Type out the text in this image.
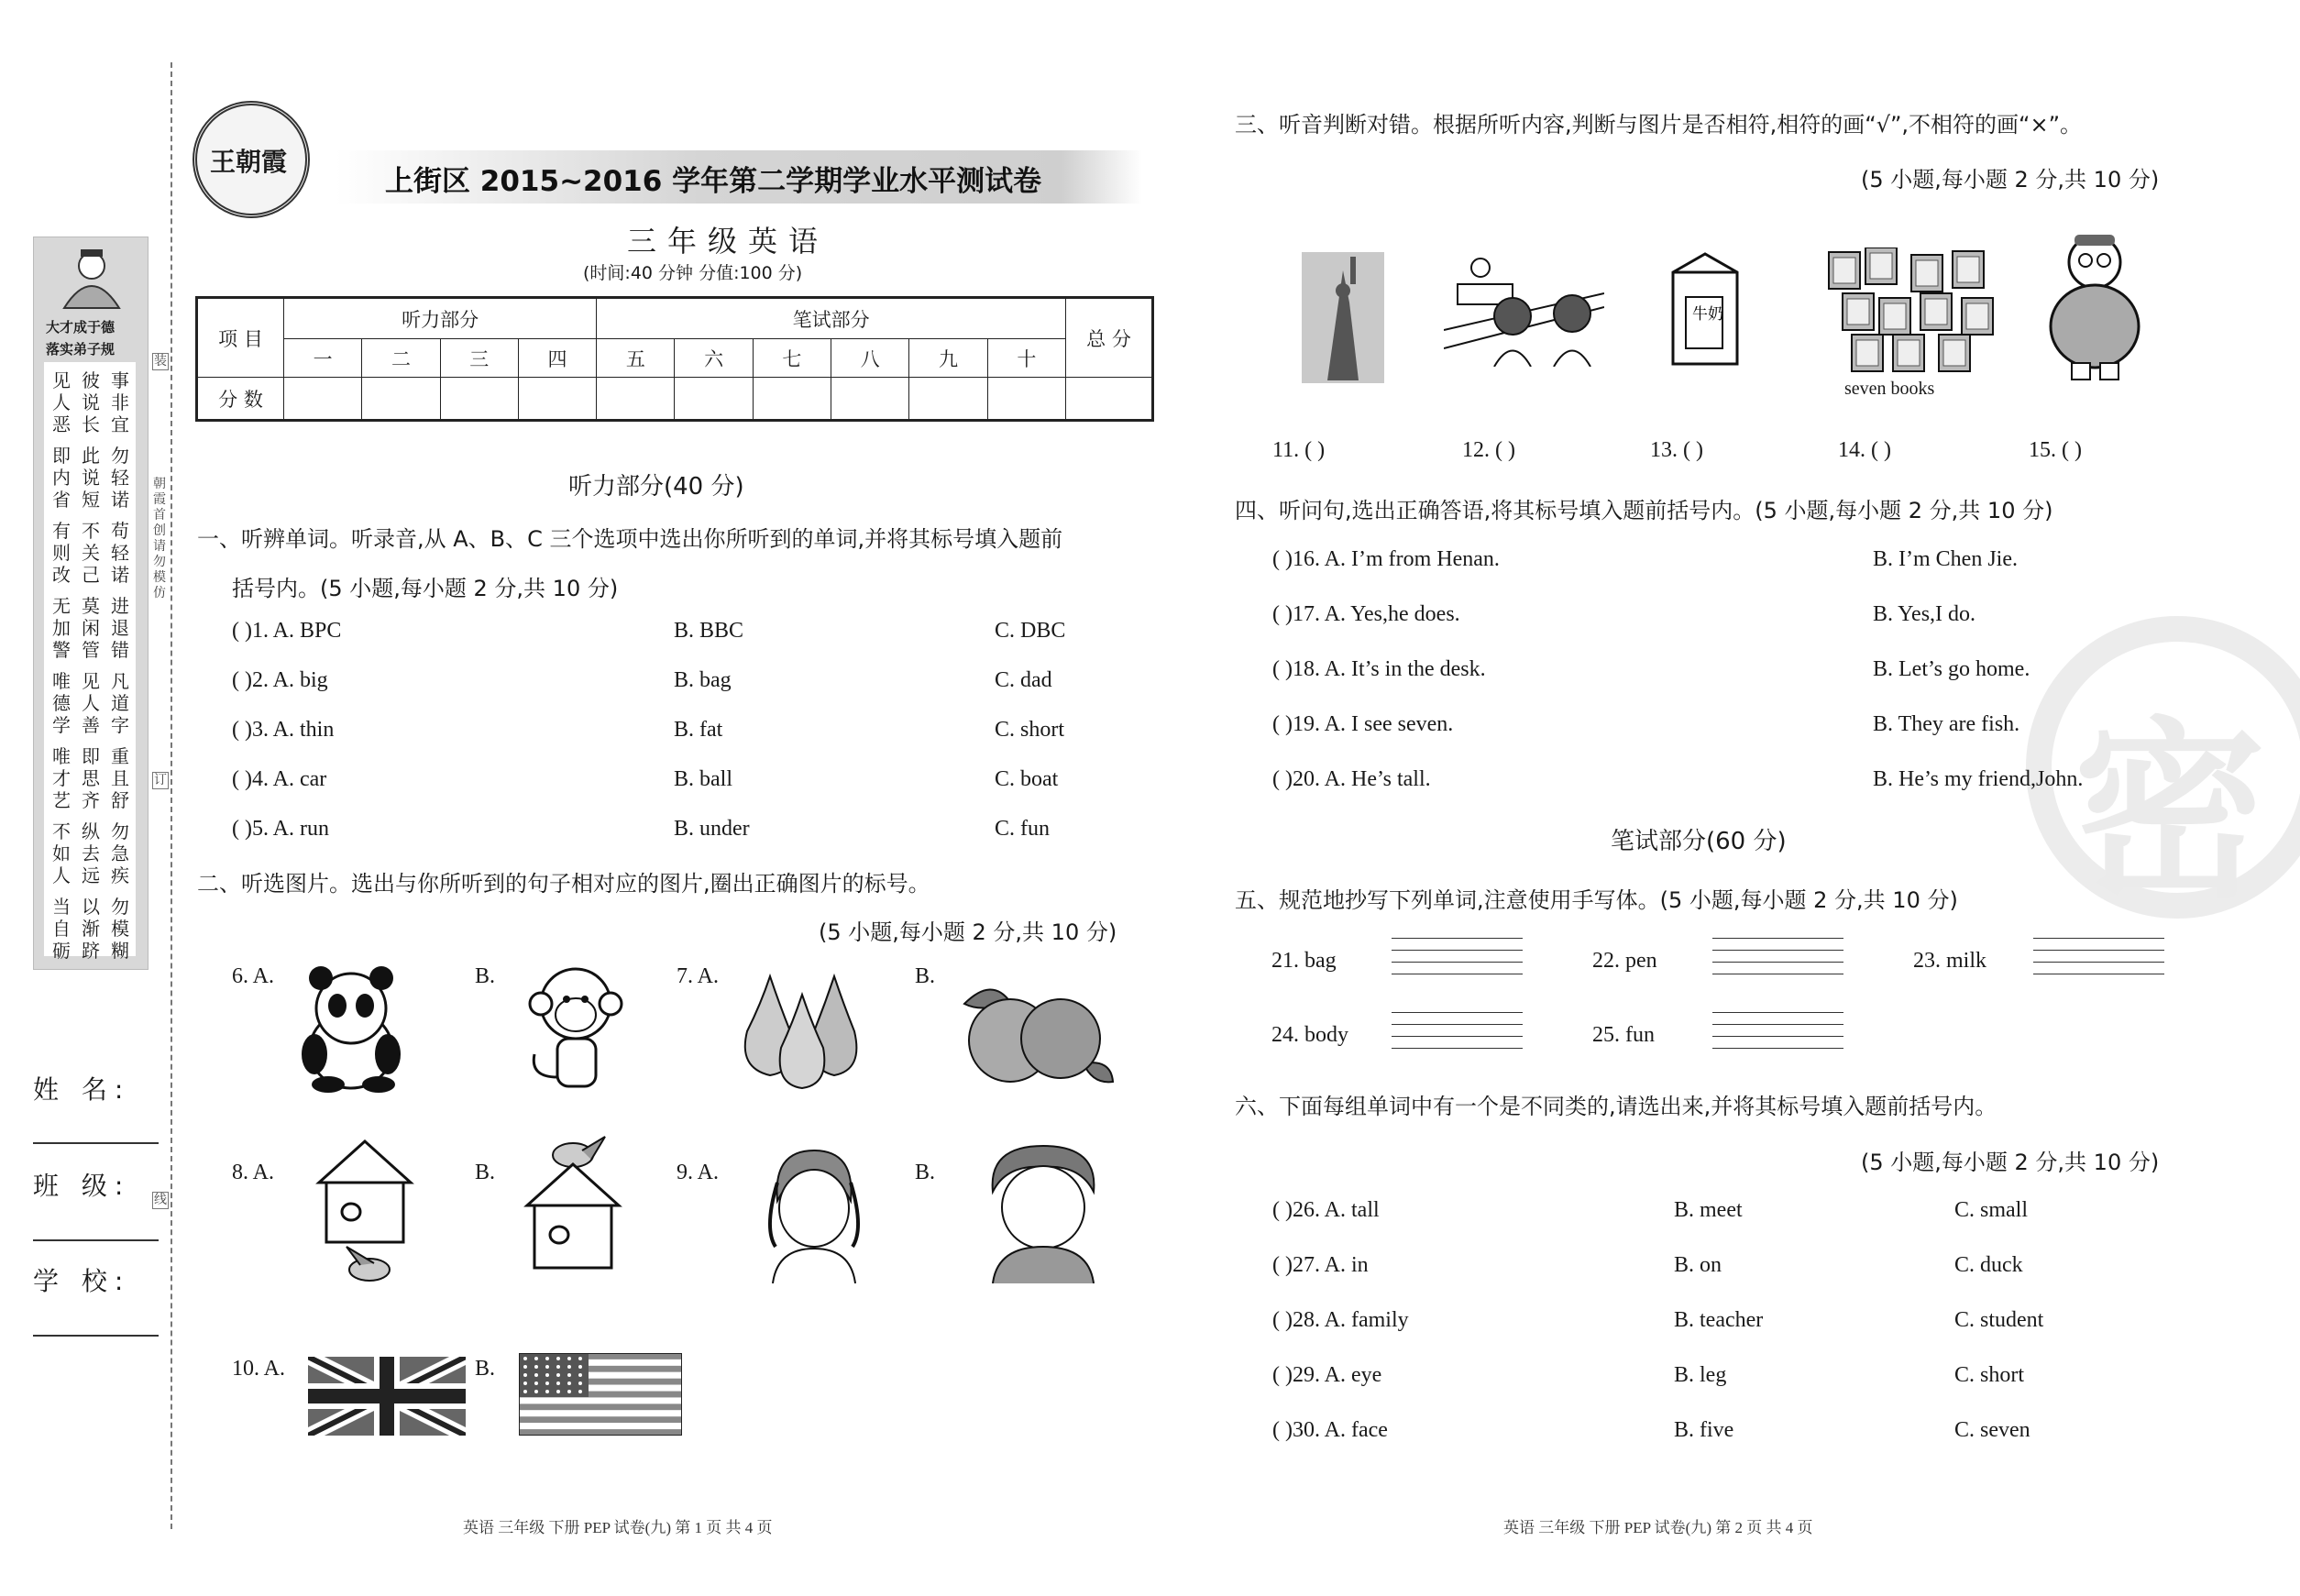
大才成于德
落实弟子规
见人恶
彼说长
事非宜
即内省
此说短
勿轻诺
有则改
不关己
苟轻诺
无加警
莫闲管
进退错
唯德学
见人善
凡道字
唯才艺
即思齐
重且舒
不如人
纵去远
勿急疾
当自砺
以渐跻
勿模糊
姓 名:
班 级:
学 校:
装
订
线
朝霞首创 请勿模仿
王朝霞
上街区 2015~2016 学年第二学期学业水平测试卷
三年级英语
(时间:40 分钟 分值:100 分)
项 目	听力部分				笔试部分						总 分
	一	二	三	四	五	六	七	八	九	十	
分 数											
听力部分(40 分)
一、听辨单词。听录音,从 A、B、C 三个选项中选出你所听到的单词,并将其标号填入题前
括号内。(5 小题,每小题 2 分,共 10 分)
( )1. A. BPC	B. BBC	C. DBC
( )2. A. big	B. bag	C. dad
( )3. A. thin	B. fat	C. short
( )4. A. car	B. ball	C. boat
( )5. A. run	B. under	C. fun
二、听选图片。选出与你所听到的句子相对应的图片,圈出正确图片的标号。
(5 小题,每小题 2 分,共 10 分)
6. A.	B.	7. A.	B.
8. A.	B.	9. A.	B.
10. A.	B.
英语 三年级 下册 PEP 试卷(九) 第 1 页 共 4 页	英语 三年级 下册 PEP 试卷(九) 第 2 页 共 4 页
密
三、听音判断对错。根据所听内容,判断与图片是否相符,相符的画“√”,不相符的画“×”。
(5 小题,每小题 2 分,共 10 分)
牛奶
seven books
11. ( )	12. ( )	13. ( )	14. ( )	15. ( )
四、听问句,选出正确答语,将其标号填入题前括号内。(5 小题,每小题 2 分,共 10 分)
( )16. A. I’m from Henan.	B. I’m Chen Jie.
( )17. A. Yes,he does.	B. Yes,I do.
( )18. A. It’s in the desk.	B. Let’s go home.
( )19. A. I see seven.	B. They are fish.
( )20. A. He’s tall.	B. He’s my friend,John.
笔试部分(60 分)
五、规范地抄写下列单词,注意使用手写体。(5 小题,每小题 2 分,共 10 分)
21. bag	22. pen	23. milk
24. body	25. fun
六、下面每组单词中有一个是不同类的,请选出来,并将其标号填入题前括号内。
(5 小题,每小题 2 分,共 10 分)
( )26. A. tall	B. meet	C. small
( )27. A. in	B. on	C. duck
( )28. A. family	B. teacher	C. student
( )29. A. eye	B. leg	C. short
( )30. A. face	B. five	C. seven
